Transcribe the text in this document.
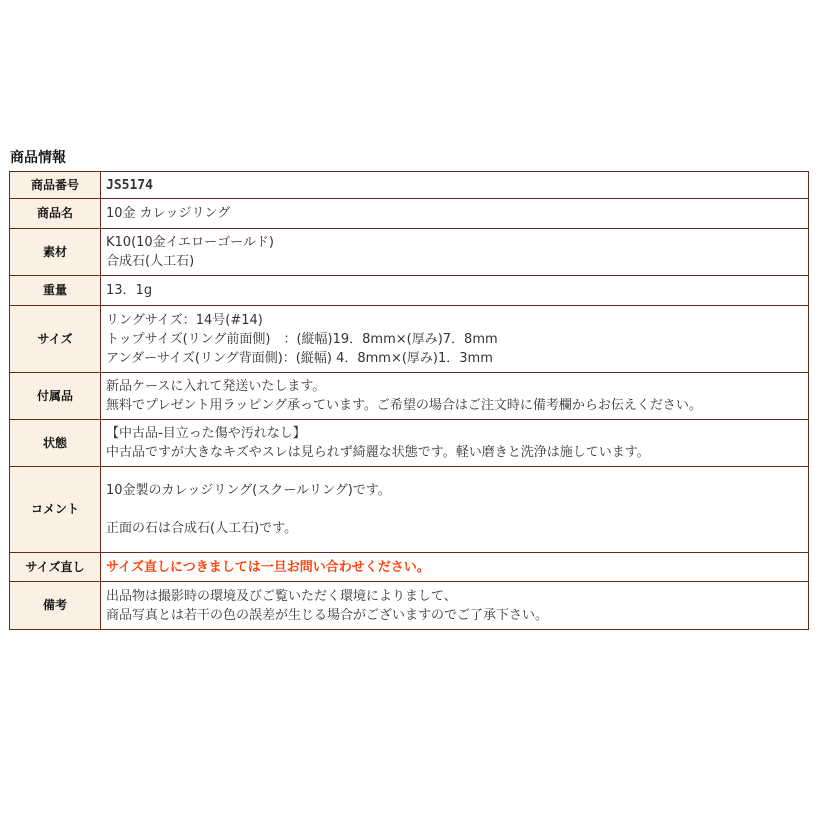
商品情報
商品番号	JS5174
商品名	10金 カレッジリング
素材	K10(10金イエローゴールド)
合成石(人工石)

重量	13．1g
サイズ	リングサイズ：14号(#14)
トップサイズ(リング前面側)　：(縦幅)19．8mm×(厚み)7．8mm
アンダーサイズ(リング背面側)：(縦幅) 4．8mm×(厚み)1．3mm

付属品	新品ケースに入れて発送いたします。
無料でプレゼント用ラッピング承っています。ご希望の場合はご注文時に備考欄からお伝えください。

状態	【中古品-目立った傷や汚れなし】
中古品ですが大きなキズやスレは見られず綺麗な状態です。軽い磨きと洗浄は施しています。

コメント	10金製のカレッジリング(スクールリング)です。
正面の石は合成石(人工石)です。

サイズ直し	サイズ直しにつきましては一旦お問い合わせください。
備考	出品物は撮影時の環境及びご覧いただく環境によりまして、
商品写真とは若干の色の誤差が生じる場合がございますのでご了承下さい。
